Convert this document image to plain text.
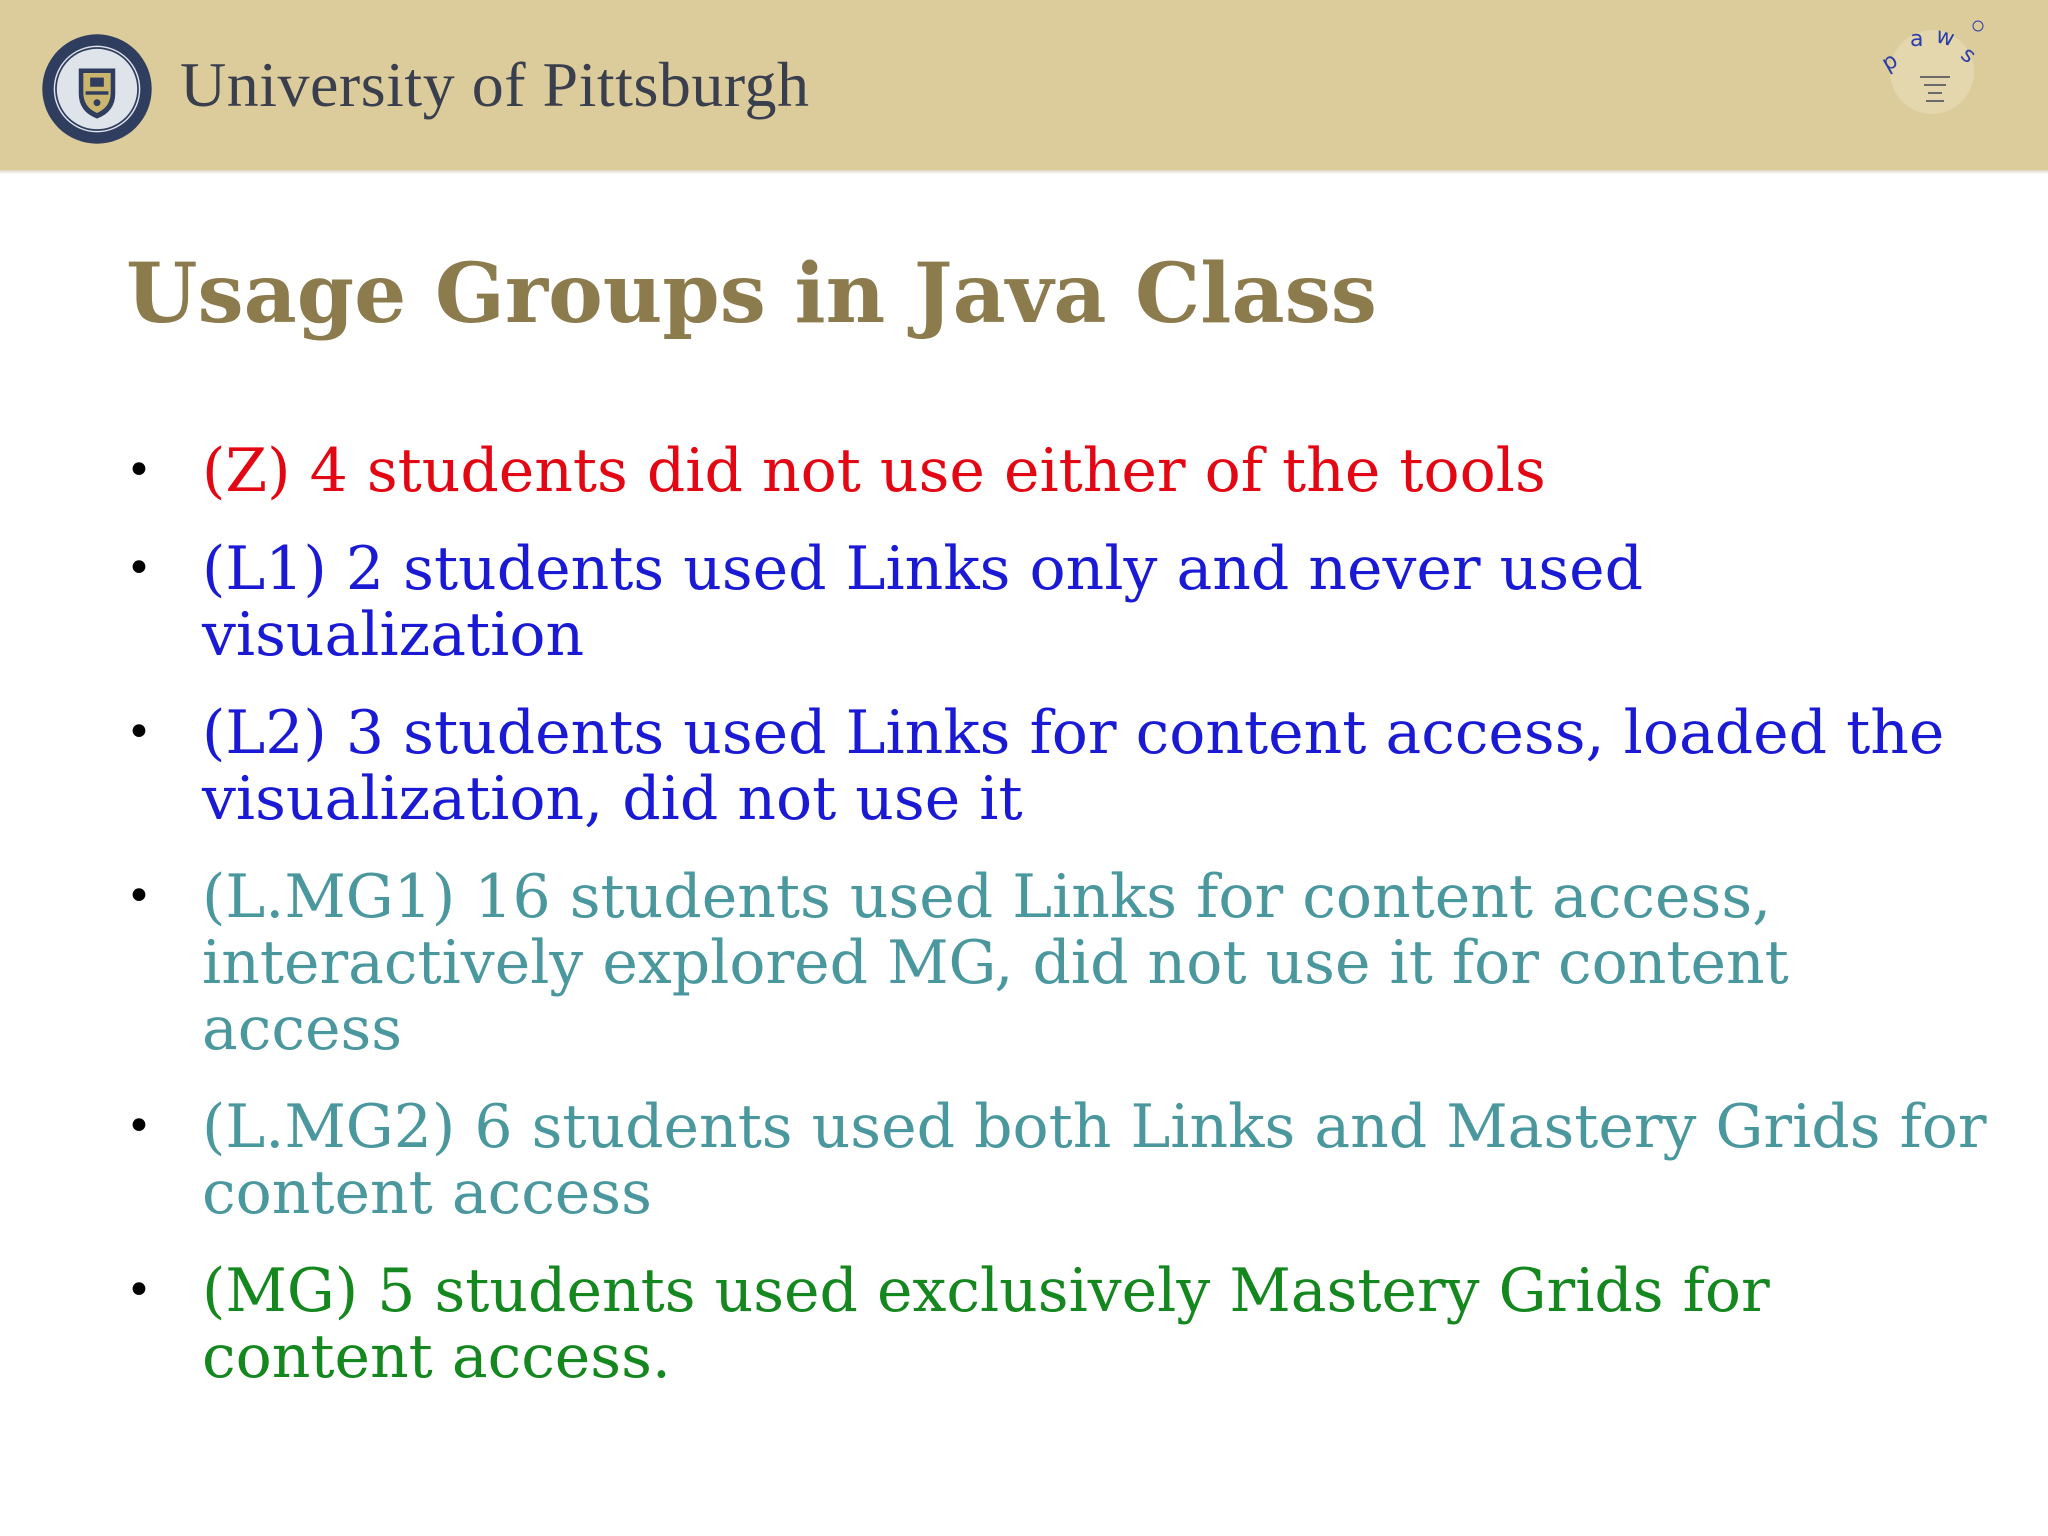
University of Pittsburgh	p
a w
s
Usage Groups in Java Class
• (Z) 4 students did not use either of the tools
• (L1) 2 students used Links only and never used visualization
• (L2) 3 students used Links for content access, loaded the visualization, did not use it
• (L.MG1) 16 students used Links for content access, interactively explored MG, did not use it for content access
• (L.MG2) 6 students used both Links and Mastery Grids for content access
• (MG) 5 students used exclusively Mastery Grids for content access.
